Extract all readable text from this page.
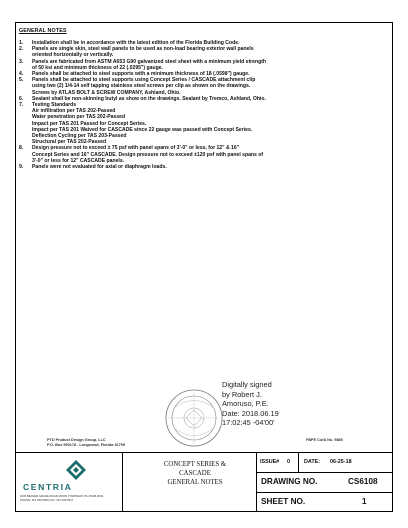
GENERAL NOTES
1.	Installation shall be in accordance with the latest edition of the Florida Building Code.
2.	Panels are single skin, steel wall panels to be used as non-load bearing exterior wall panels
oriented horizontally or vertically.
3.	Panels are fabricated from ASTM A653 G90 galvanized steel sheet with a minimum yield strength
of 50 ksi and minimum thickness of 22 (.0295") gauge.
4.	Panels shall be attached to steel supports with a minimum thickness of 18 (.0598") gauge.
5.	Panels shall be attached to steel supports using Concept Series / CASCADE attachment clip
using two (2) 1/4-14 self tapping stainless steel screws per clip as shown on the drawings.
Screws by ATLAS BOLT & SCREW COMPANY, Ashland, Ohio.
6.	Sealant shall be non-skinning butyl as show on the drawings. Sealant by Tremco, Ashland, Ohio.
7.	Testing Standards
Air infiltration per TAS 202-Passed
Water penetration per TAS 202-Passed
Impact per TAS 201 Passed for Concept Series.
Impact per TAS 201 Waived for CASCADE since 22 gauge was passed with Concept Series.
Deflection Cycling per TAS 203-Passed
Structural per TAS 202-Passed
8.	Design pressure not to exceed ± 75 psf with panel spans of 3'-0" or less, for 12" & 16"
Concept Series and 16" CASCADE. Design pressure not to exceed ±120 psf with panel spans of
3'-0" or less for 12" CASCADE panels.
9.	Panels were not evaluated for axial or diaphragm loads.
Digitally signed
by Robert J.
Amoruso, P.E.
Date: 2018.06.19
17:02:45 -04'00'
FBPE CofA No. 9885
PTD Product Design Group, LLC
P.O. Box 950178 - Longwood, Florida 32795
CENTRIA
1005 BEAVER GRADE ROAD MOON TOWNSHIP, PA 15108-2944
PHONE: 412 299 8000 FAX: 412 299 8317
CONCEPT SERIES &
CASCADE
GENERAL NOTES
ISSUE# 0	DATE: 06-25-18
DRAWING NO.	CS6108
SHEET NO.	1
